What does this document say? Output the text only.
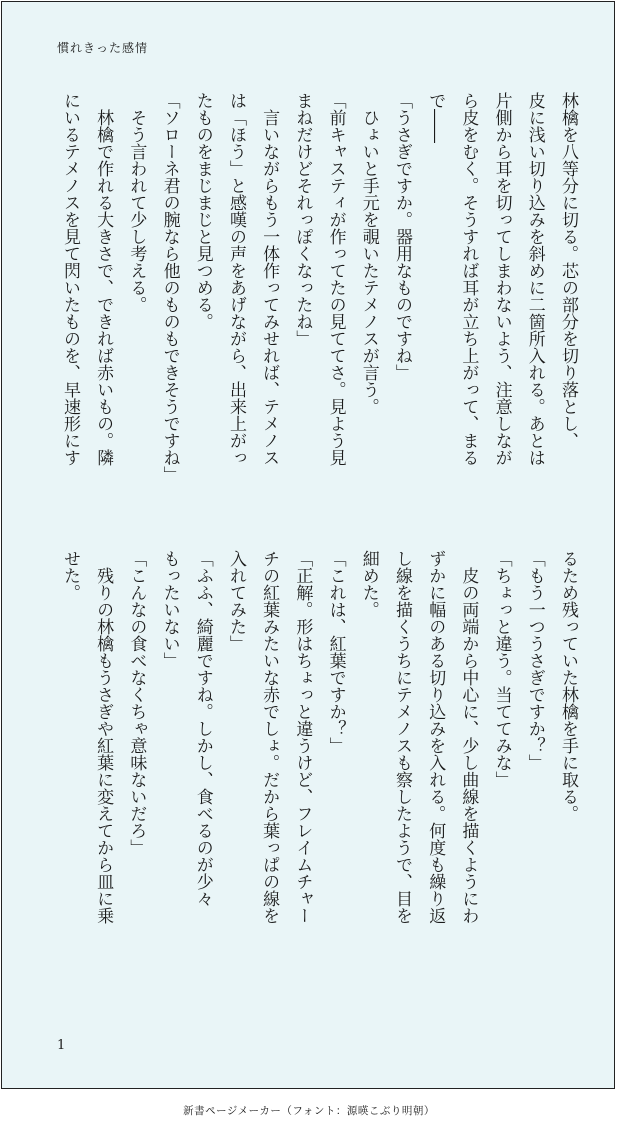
慣れきった感情

林檎を八等分に切る。芯の部分を切り落とし、

皮に浅い切り込みを斜めに二箇所入れる。あとは

片側から耳を切ってしまわないよう、注意しなが

ら皮をむく。そうすれば耳が立ち上がって、まる

で――

「うさぎですか。器用なものですね」

ひょいと手元を覗いたテメノスが言う。

「前キャスティが作ってたの見ててさ。見よう見

まねだけどそれっぽくなったね」

言いながらもう一体作ってみせれば、テメノス

は「ほう」と感嘆の声をあげながら、出来上がっ

たものをまじまじと見つめる。

「ソローネ君の腕なら他のものもできそうですね」

そう言われて少し考える。

林檎で作れる大きさで、できれば赤いもの。隣

にいるテメノスを見て閃いたものを、早速形にす

るため残っていた林檎を手に取る。

「もう一つうさぎですか？」

「ちょっと違う。当ててみな」

皮の両端から中心に、少し曲線を描くようにわ

ずかに幅のある切り込みを入れる。何度も繰り返

し線を描くうちにテメノスも察したようで、目を

細めた。

「これは、紅葉ですか？」

「正解。形はちょっと違うけど、フレイムチャー

チの紅葉みたいな赤でしょ。だから葉っぱの線を

入れてみた」

「ふふ、綺麗ですね。しかし、食べるのが少々

もったいない」

「こんなの食べなくちゃ意味ないだろ」

残りの林檎もうさぎや紅葉に変えてから皿に乗

せた。

1
新書ページメーカー（フォント：源暎こぶり明朝）
